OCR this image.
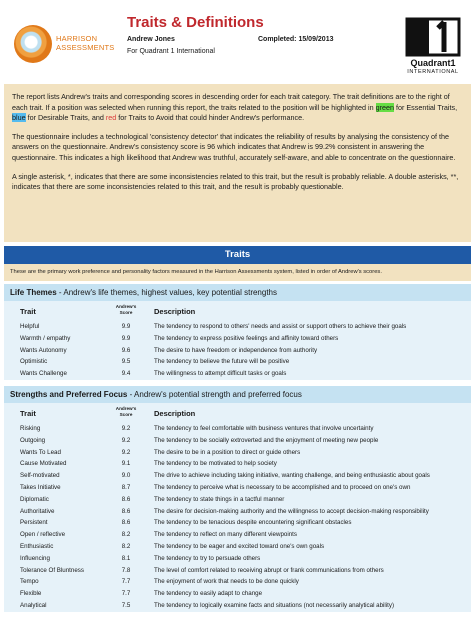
HARRISON
ASSESSMENTS
Traits & Definitions
Andrew Jones	Completed: 15/09/2013
For Quadrant 1 International
Quadrant1
INTERNATIONAL

The report lists Andrew's traits and corresponding scores in descending order for each trait category. The trait definitions are to the right of each trait. If a position was selected when running this report, the traits related to the position will be highlighted in green for Essential Traits, blue for Desirable Traits, and red for Traits to Avoid that could hinder Andrew's performance.

The questionnaire includes a technological 'consistency detector' that indicates the reliability of results by analysing the consistency of the answers on the questionnaire. Andrew's consistency score is 96 which indicates that Andrew is 99.2% consistent in answering the questionnaire. This indicates a high likelihood that Andrew was truthful, accurately self-aware, and able to concentrate on the questionnaire.

A single asterisk, *, indicates that there are some inconsistencies related to this trait, but the result is probably reliable. A double asterisks, **, indicates that there are some inconsistencies related to this trait, and the result is probably questionable.

Traits
These are the primary work preference and personality factors measured in the Harrison Assessments system, listed in order of Andrew's scores.
Life Themes - Andrew's life themes, highest values, key potential strengths
Trait
Andrew's
Score	Description
Helpful	9.9	The tendency to respond to others' needs and assist or support others to achieve their goals
Warmth / empathy	9.9	The tendency to express positive feelings and affinity toward others
Wants Autonomy	9.6	The desire to have freedom or independence from authority
Optimistic	9.5	The tendency to believe the future will be positive
Wants Challenge	9.4	The willingness to attempt difficult tasks or goals
Strengths and Preferred Focus - Andrew's potential strength and preferred focus
Trait
Andrew's
Score	Description
Risking	9.2	The tendency to feel comfortable with business ventures that involve uncertainty
Outgoing	9.2	The tendency to be socially extroverted and the enjoyment of meeting new people
Wants To Lead	9.2	The desire to be in a position to direct or guide others
Cause Motivated	9.1	The tendency to be motivated to help society
Self-motivated	9.0	The drive to achieve including taking initiative, wanting challenge, and being enthusiastic about goals
Takes Initiative	8.7	The tendency to perceive what is necessary to be accomplished and to proceed on one's own
Diplomatic	8.6	The tendency to state things in a tactful manner
Authoritative	8.6	The desire for decision-making authority and the willingness to accept decision-making responsibility
Persistent	8.6	The tendency to be tenacious despite encountering significant obstacles
Open / reflective	8.2	The tendency to reflect on many different viewpoints
Enthusiastic	8.2	The tendency to be eager and excited toward one's own goals
Influencing	8.1	The tendency to try to persuade others
Tolerance Of Bluntness	7.8	The level of comfort related to receiving abrupt or frank communications from others
Tempo	7.7	The enjoyment of work that needs to be done quickly
Flexible	7.7	The tendency to easily adapt to change
Analytical	7.5	The tendency to logically examine facts and situations (not necessarily analytical ability)
